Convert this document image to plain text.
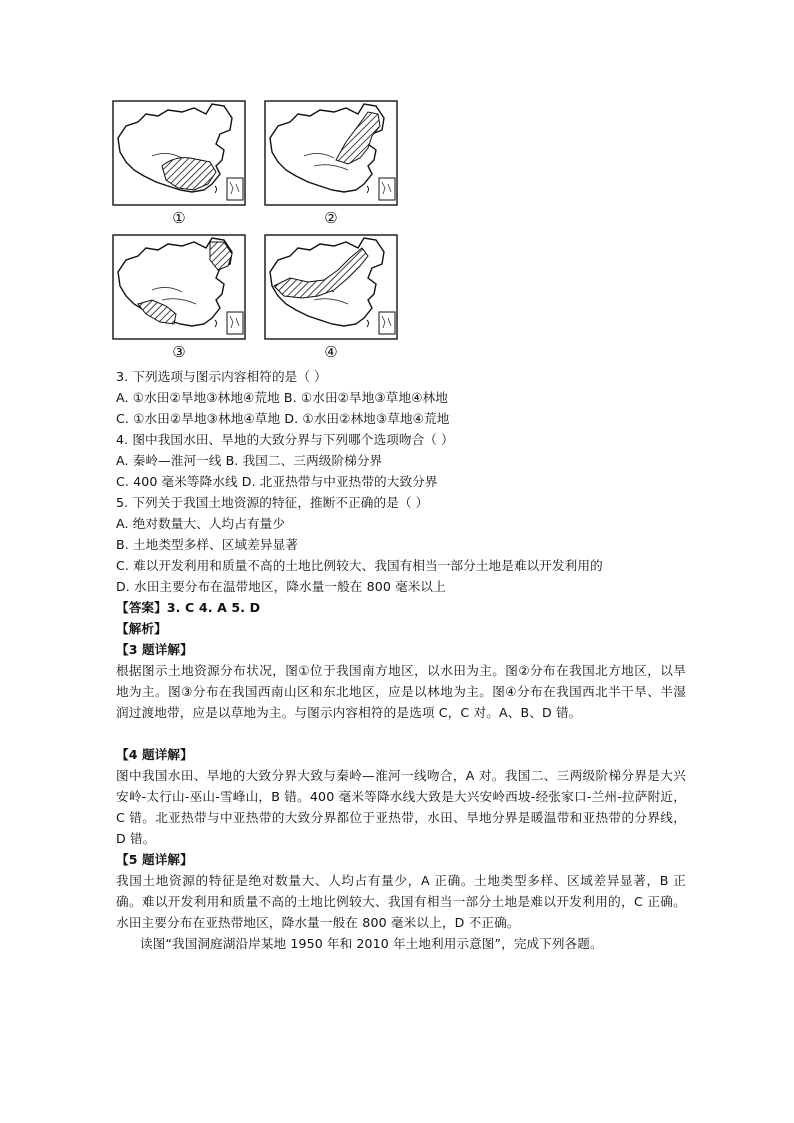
①	②
③	④
3. 下列选项与图示内容相符的是（ ）
A. ①水田②旱地③林地④荒地 B. ①水田②旱地③草地④林地
C. ①水田②旱地③林地④草地 D. ①水田②林地③草地④荒地
4. 图中我国水田、旱地的大致分界与下列哪个选项吻合（ ）
A. 秦岭—淮河一线 B. 我国二、三两级阶梯分界
C. 400 毫米等降水线 D. 北亚热带与中亚热带的大致分界
5. 下列关于我国土地资源的特征，推断不正确的是（ ）
A. 绝对数量大、人均占有量少
B. 土地类型多样、区域差异显著
C. 难以开发利用和质量不高的土地比例较大、我国有相当一部分土地是难以开发利用的
D. 水田主要分布在温带地区，降水量一般在 800 毫米以上
【答案】3. C 4. A 5. D
【解析】
【3 题详解】
根据图示土地资源分布状况，图①位于我国南方地区，以水田为主。图②分布在我国北方地区，以旱地为主。图③分布在我国西南山区和东北地区，应是以林地为主。图④分布在我国西北半干旱、半湿润过渡地带，应是以草地为主。与图示内容相符的是选项 C，C 对。A、B、D 错。
【4 题详解】
图中我国水田、旱地的大致分界大致与秦岭—淮河一线吻合，A 对。我国二、三两级阶梯分界是大兴安岭-太行山-巫山-雪峰山，B 错。400 毫米等降水线大致是大兴安岭西坡-经张家口-兰州-拉萨附近，C 错。北亚热带与中亚热带的大致分界都位于亚热带，水田、旱地分界是暖温带和亚热带的分界线，D 错。
【5 题详解】
我国土地资源的特征是绝对数量大、人均占有量少，A 正确。土地类型多样、区域差异显著，B 正确。难以开发利用和质量不高的土地比例较大、我国有相当一部分土地是难以开发利用的，C 正确。水田主要分布在亚热带地区，降水量一般在 800 毫米以上，D 不正确。
读图“我国洞庭湖沿岸某地 1950 年和 2010 年土地利用示意图”，完成下列各题。
